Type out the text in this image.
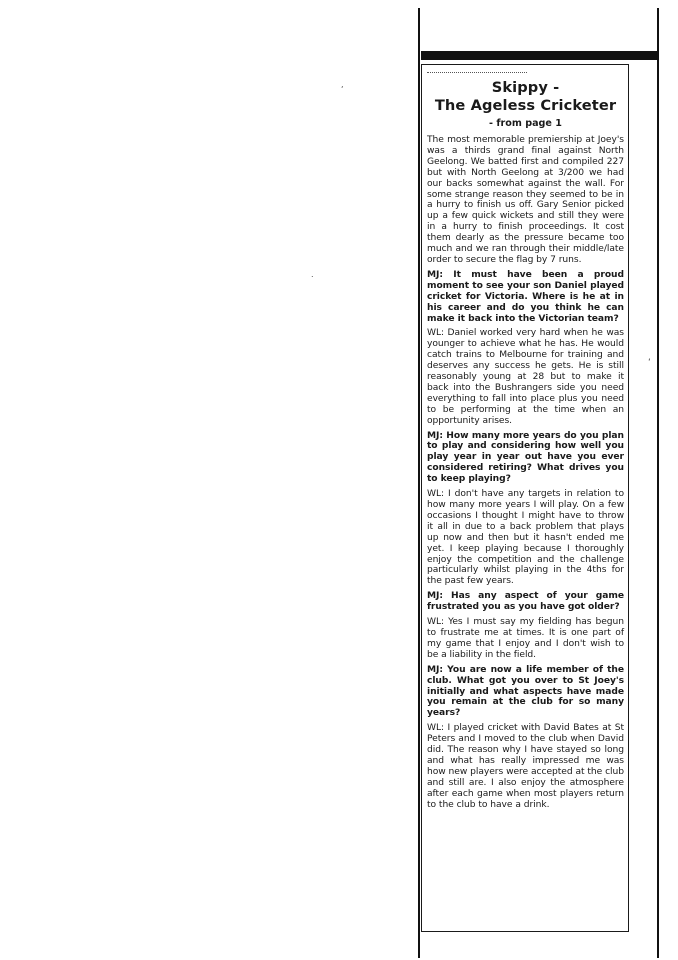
,
.
ʻ
Skippy -
The Ageless Cricketer
- from page 1

The most memorable premiership at Joey's was a thirds grand final against North Geelong. We batted first and compiled 227 but with North Geelong at 3/200 we had our backs somewhat against the wall. For some strange reason they seemed to be in a hurry to finish us off. Gary Senior picked up a few quick wickets and still they were in a hurry to finish proceedings. It cost them dearly as the pressure became too much and we ran through their middle/late order to secure the flag by 7 runs.

MJ: It must have been a proud moment to see your son Daniel played cricket for Victoria. Where is he at in his career and do you think he can make it back into the Victorian team?

WL: Daniel worked very hard when he was younger to achieve what he has. He would catch trains to Melbourne for training and deserves any success he gets. He is still reasonably young at 28 but to make it back into the Bushrangers side you need everything to fall into place plus you need to be performing at the time when an opportunity arises.

MJ: How many more years do you plan to play and considering how well you play year in year out have you ever considered retiring? What drives you to keep playing?

WL: I don't have any targets in relation to how many more years I will play. On a few occasions I thought I might have to throw it all in due to a back problem that plays up now and then but it hasn't ended me yet. I keep playing because I thoroughly enjoy the competition and the challenge particularly whilst playing in the 4ths for the past few years.

MJ: Has any aspect of your game frustrated you as you have got older?

WL: Yes I must say my fielding has begun to frustrate me at times. It is one part of my game that I enjoy and I don't wish to be a liability in the field.

MJ: You are now a life member of the club. What got you over to St Joey's initially and what aspects have made you remain at the club for so many years?

WL: I played cricket with David Bates at St Peters and I moved to the club when David did. The reason why I have stayed so long and what has really impressed me was how new players were accepted at the club and still are. I also enjoy the atmosphere after each game when most players return to the club to have a drink.
